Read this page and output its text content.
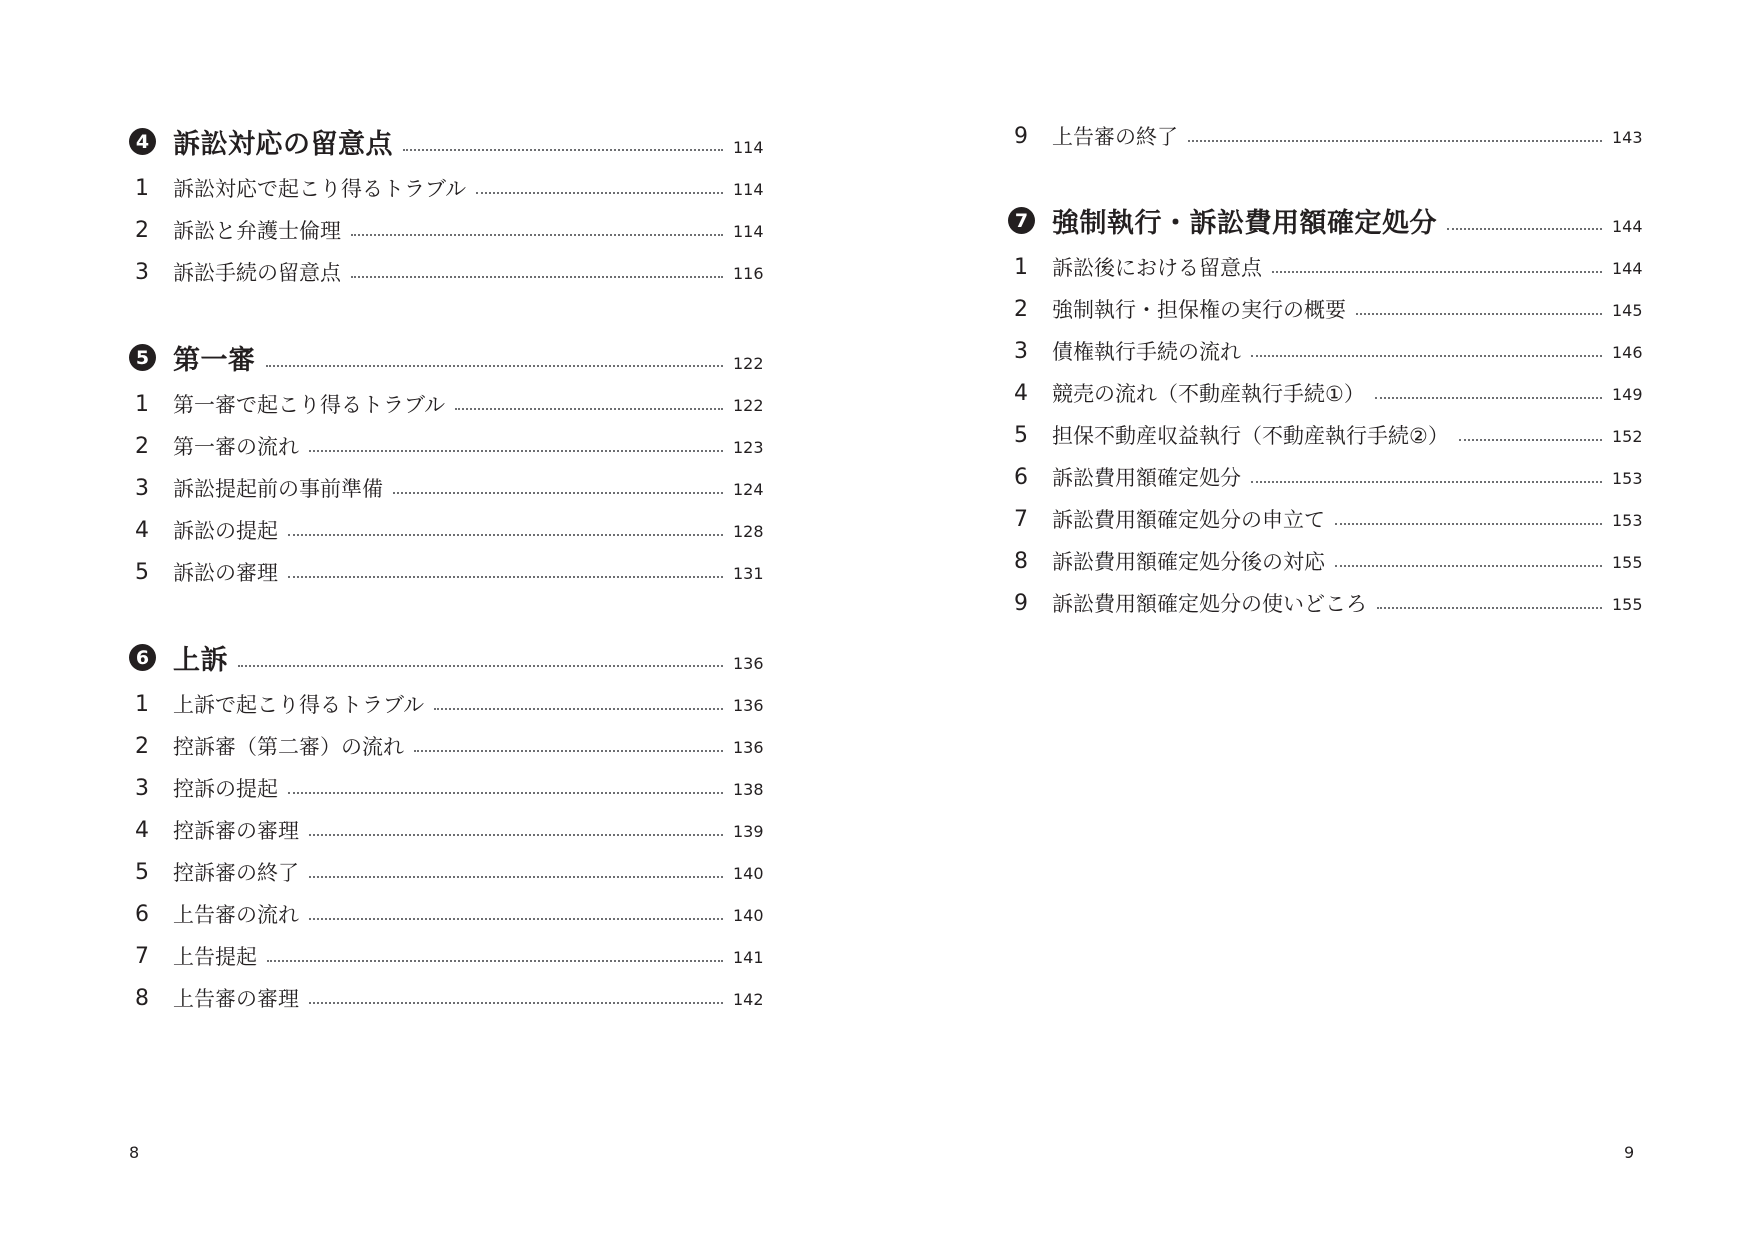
4 訴訟対応の留意点	114
1	訴訟対応で起こり得るトラブル	114
2	訴訟と弁護士倫理	114
3	訴訟手続の留意点	116
5 第一審	122
1	第一審で起こり得るトラブル	122
2	第一審の流れ	123
3	訴訟提起前の事前準備	124
4	訴訟の提起	128
5	訴訟の審理	131
6 上訴	136
1	上訴で起こり得るトラブル	136
2	控訴審（第二審）の流れ	136
3	控訴の提起	138
4	控訴審の審理	139
5	控訴審の終了	140
6	上告審の流れ	140
7	上告提起	141
8	上告審の審理	142
9	上告審の終了	143
7 強制執行・訴訟費用額確定処分	144
1	訴訟後における留意点	144
2	強制執行・担保権の実行の概要	145
3	債権執行手続の流れ	146
4	競売の流れ（不動産執行手続①）	149
5	担保不動産収益執行（不動産執行手続②）	152
6	訴訟費用額確定処分	153
7	訴訟費用額確定処分の申立て	153
8	訴訟費用額確定処分後の対応	155
9	訴訟費用額確定処分の使いどころ	155
8	9
